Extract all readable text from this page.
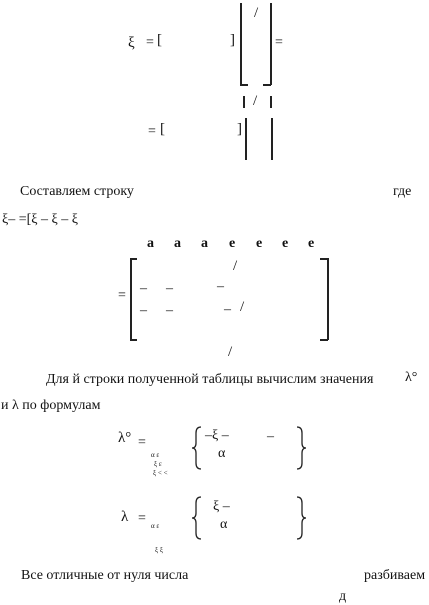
ξ = [	]
/
=
/
= [	]
Составляем строку	где
ξ– =[ξ – ξ – ξ
а а а е е е е
=
/
– –	–
– –	– /
/
Для й строки полученной таблицы вычислим значения λ°
и λ по формулам
λ° =
α ε
ξ ε
ξ < <
–ξ –	–
α
λ = α ε
ξ ξ
ξ –
α
Все отличные от нуля числа	разбиваем
д
